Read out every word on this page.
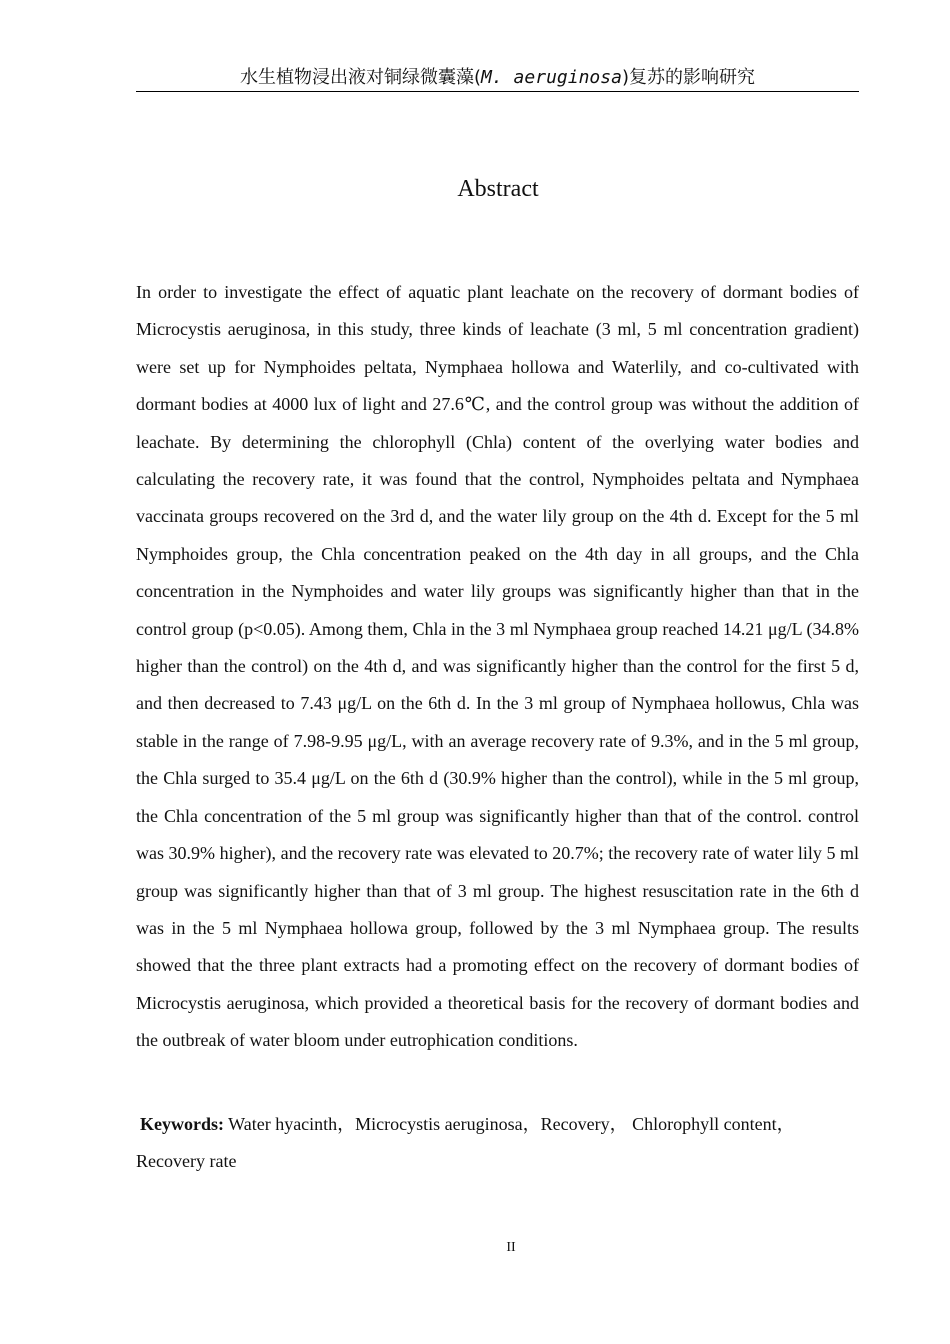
水生植物浸出液对铜绿微囊藻(M. aeruginosa)复苏的影响研究
Abstract

In order to investigate the effect of aquatic plant leachate on the recovery of dormant bodies of Microcystis aeruginosa, in this study, three kinds of leachate (3 ml, 5 ml concentration gradient) were set up for Nymphoides peltata, Nymphaea hollowa and Waterlily, and co-cultivated with dormant bodies at 4000 lux of light and 27.6℃, and the control group was without the addition of leachate. By determining the chlorophyll (Chla) content of the overlying water bodies and calculating the recovery rate, it was found that the control, Nymphoides peltata and Nymphaea vaccinata groups recovered on the 3rd d, and the water lily group on the 4th d. Except for the 5 ml Nymphoides group, the Chla concentration peaked on the 4th day in all groups, and the Chla concentration in the Nymphoides and water lily groups was significantly higher than that in the control group (p<0.05). Among them, Chla in the 3 ml Nymphaea group reached 14.21 μg/L (34.8% higher than the control) on the 4th d, and was significantly higher than the control for the first 5 d, and then decreased to 7.43 μg/L on the 6th d. In the 3 ml group of Nymphaea hollowus, Chla was stable in the range of 7.98-9.95 μg/L, with an average recovery rate of 9.3%, and in the 5 ml group, the Chla surged to 35.4 μg/L on the 6th d (30.9% higher than the control), while in the 5 ml group, the Chla concentration of the 5 ml group was significantly higher than that of the control. control was 30.9% higher), and the recovery rate was elevated to 20.7%; the recovery rate of water lily 5 ml group was significantly higher than that of 3 ml group. The highest resuscitation rate in the 6th d was in the 5 ml Nymphaea hollowa group, followed by the 3 ml Nymphaea group. The results showed that the three plant extracts had a promoting effect on the recovery of dormant bodies of Microcystis aeruginosa, which provided a theoretical basis for the recovery of dormant bodies and the outbreak of water bloom under eutrophication conditions.

Keywords: Water hyacinth，Microcystis aeruginosa，Recovery， Chlorophyll content，Recovery rate

II
